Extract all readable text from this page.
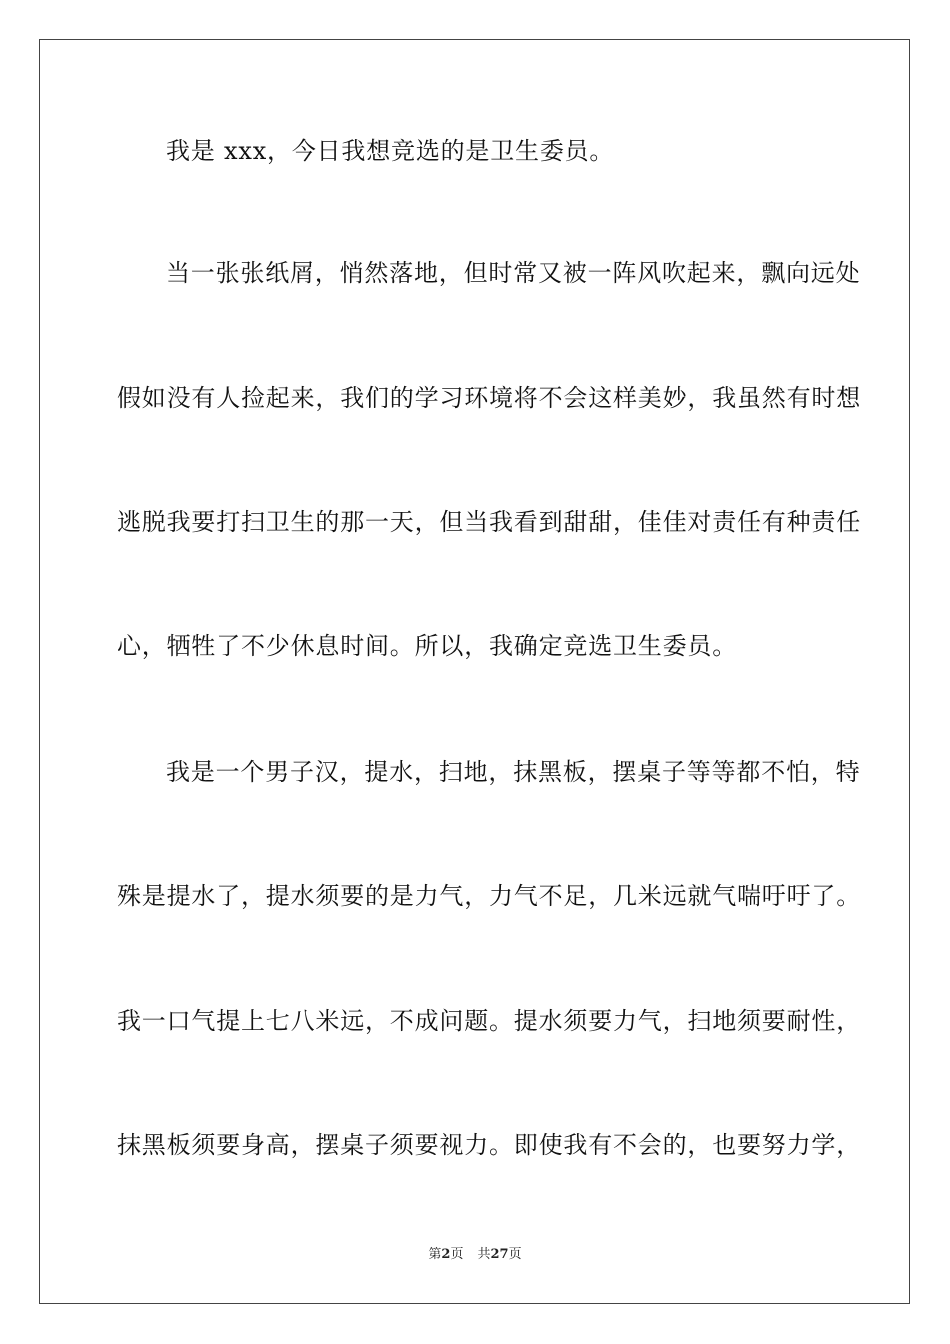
我是 xxx，今日我想竞选的是卫生委员。
当一张张纸屑，悄然落地，但时常又被一阵风吹起来，飘向远处
假如没有人捡起来，我们的学习环境将不会这样美妙，我虽然有时想
逃脱我要打扫卫生的那一天，但当我看到甜甜，佳佳对责任有种责任
心，牺牲了不少休息时间。所以，我确定竞选卫生委员。
我是一个男子汉，提水，扫地，抹黑板，摆桌子等等都不怕，特
殊是提水了，提水须要的是力气，力气不足，几米远就气喘吁吁了。
我一口气提上七八米远，不成问题。提水须要力气，扫地须要耐性，
抹黑板须要身高，摆桌子须要视力。即使我有不会的，也要努力学，
第2页 共27页
